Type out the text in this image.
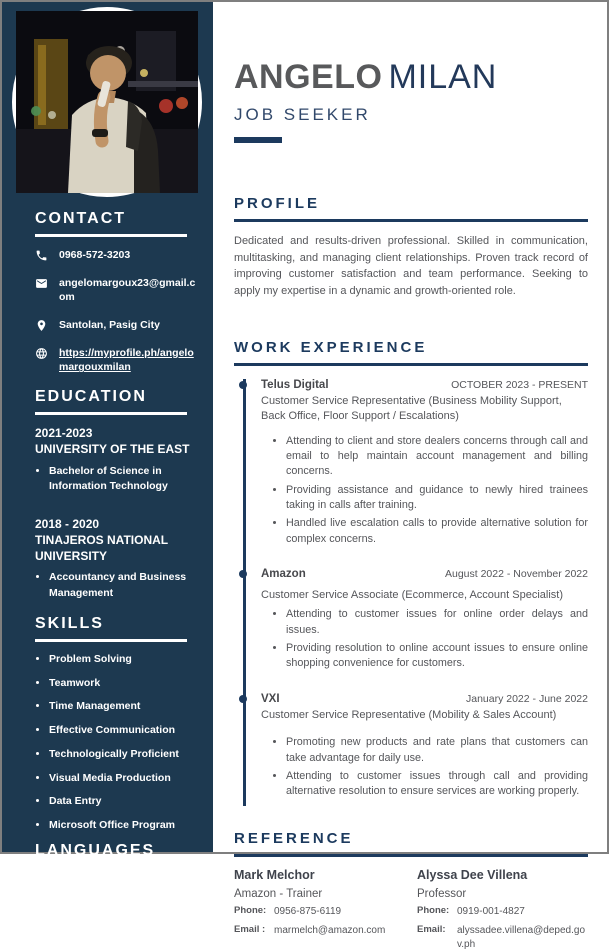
CONTACT
0968-572-3203
angelomargoux23@gmail.com
Santolan, Pasig City
https://myprofile.ph/angelomargouxmilan
EDUCATION
2021-2023
UNIVERSITY OF THE EAST
• Bachelor of Science in Information Technology
2018 - 2020
TINAJEROS NATIONAL UNIVERSITY
• Accountancy and Business Management
SKILLS
• Problem Solving
• Teamwork
• Time Management
• Effective Communication
• Technologically Proficient
• Visual Media Production
• Data Entry
• Microsoft Office Program
LANGUAGES
• English (Fluent)
ANGELO MILAN
JOB SEEKER
PROFILE

Dedicated and results-driven professional. Skilled in communication, multitasking, and managing client relationships. Proven track record of improving customer satisfaction and team performance. Seeking to apply my expertise in a dynamic and growth-oriented role.

WORK EXPERIENCE
Telus Digital	OCTOBER 2023 - PRESENT
Customer Service Representative (Business Mobility Support, Back Office, Floor Support / Escalations)
• Attending to client and store dealers concerns through call and email to help maintain account management and billing concerns.
• Providing assistance and guidance to newly hired trainees taking in calls after training.
• Handled live escalation calls to provide alternative solution for complex concerns.
Amazon	August 2022 - November 2022
Customer Service Associate (Ecommerce, Account Specialist)
• Attending to customer issues for online order delays and issues.
• Providing resolution to online account issues to ensure online shopping convenience for customers.
VXI	January 2022 - June 2022
Customer Service Representative (Mobility & Sales Account)
• Promoting new products and rate plans that customers can take advantage for daily use.
• Attending to customer issues through call and providing alternative resolution to ensure services are working properly.
REFERENCE
Mark Melchor
Amazon - Trainer
Phone: 0956-875-6119
Email : marmelch@amazon.com
Alyssa Dee Villena
Professor
Phone: 0919-001-4827
Email:	alyssadee.villena@deped.gov.ph
